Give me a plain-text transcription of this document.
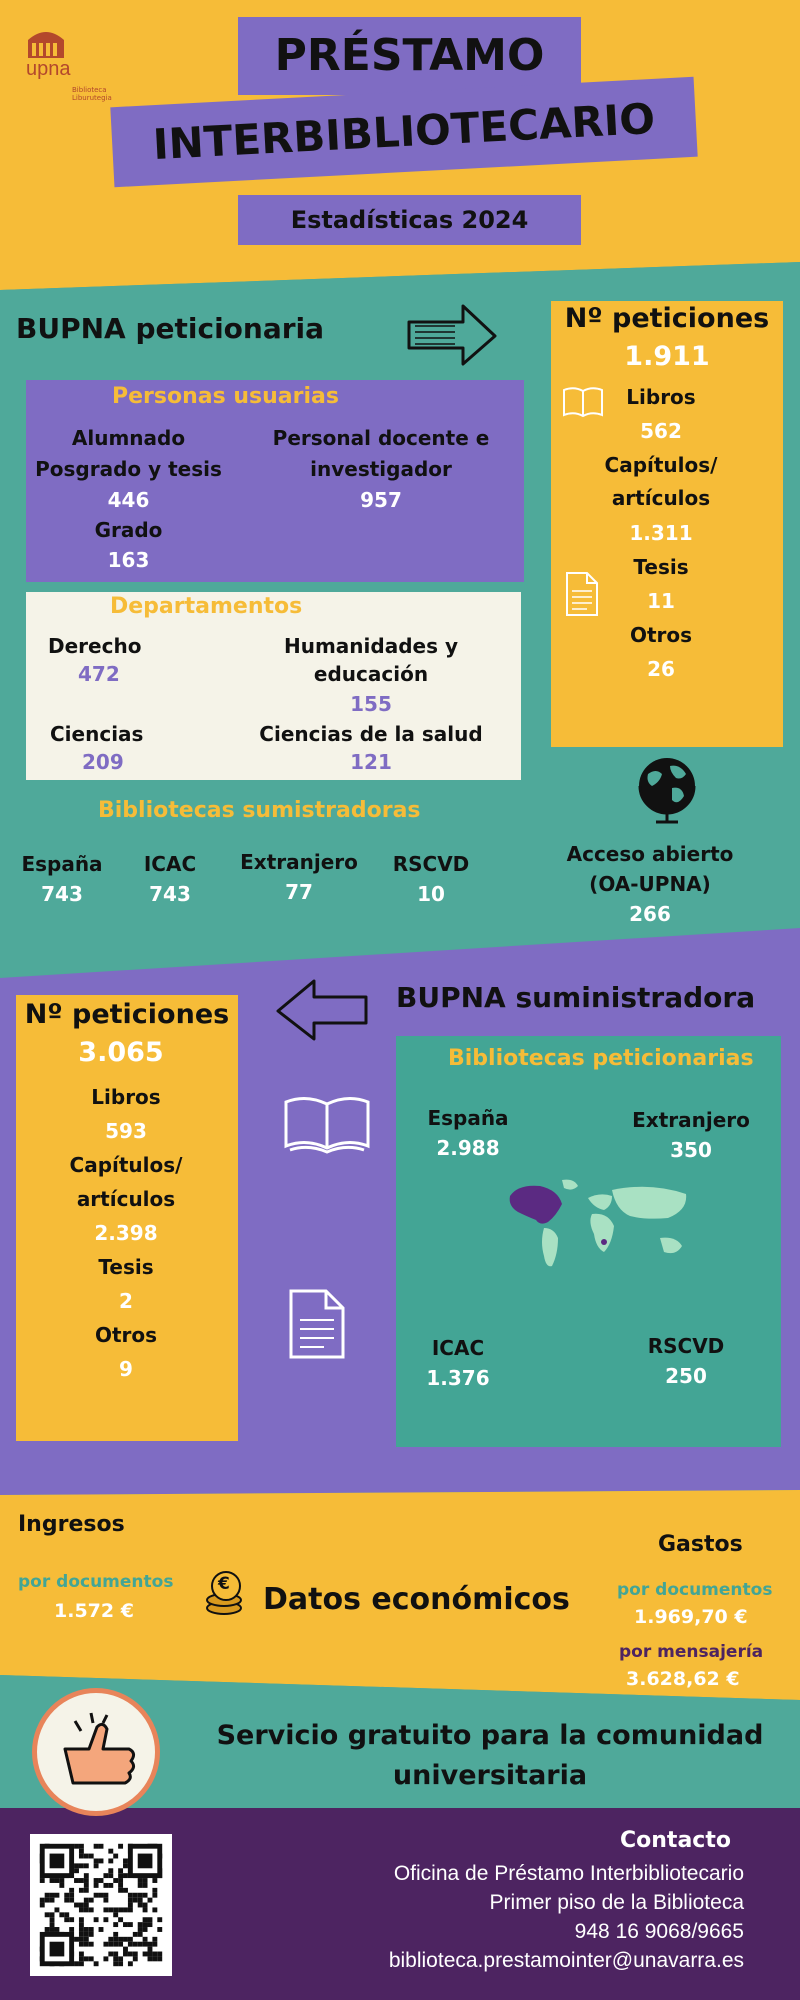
upna
Biblioteca
Liburutegia
PRÉSTAMO
INTERBIBLIOTECARIO
Estadísticas 2024
BUPNA peticionaria
Personas usuarias
Alumnado
Posgrado y tesis
446
Grado
163
Personal docente e
investigador
957
Departamentos
Derecho
472
Humanidades y
educación
155
Ciencias
209
Ciencias de la salud
121
Nº peticiones
1.911
Libros
562
Capítulos/
artículos
1.311
Tesis
11
Otros
26
Bibliotecas sumistradoras
España
743
ICAC
743
Extranjero
77
RSCVD
10
Acceso abierto
(OA-UPNA)
266
Nº peticiones
3.065
Libros
593
Capítulos/
artículos
2.398
Tesis
2
Otros
9
BUPNA suministradora
Bibliotecas peticionarias
España
2.988
Extranjero
350
ICAC
1.376
RSCVD
250
Ingresos
por documentos
1.572 €
€ Datos económicos
Gastos
por documentos
1.969,70 €
por mensajería
3.628,62 €
Servicio gratuito para la comunidad
universitaria
Contacto
Oficina de Préstamo Interbibliotecario
Primer piso de la Biblioteca
948 16 9068/9665
biblioteca.prestamointer@unavarra.es
